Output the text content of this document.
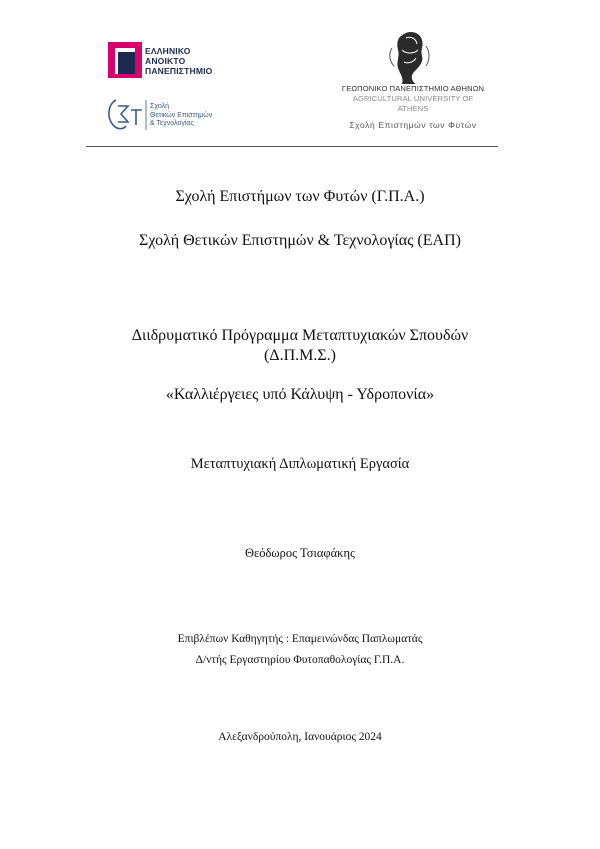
ΕΛΛΗΝΙΚΟ
ΑΝΟΙΚΤΟ
ΠΑΝΕΠΙΣΤΗΜΙΟ
Σχολή
Θετικών Επιστημών
& Τεχνολογίας
ΓΕΩΠΟΝΙΚΟ ΠΑΝΕΠΙΣΤΗΜΙΟ ΑΘΗΝΩΝ
AGRICULTURAL UNIVERSITY OF ATHENS
Σχολή Επιστημών των Φυτών
Σχολή Επιστήμων των Φυτών (Γ.Π.Α.)
Σχολή Θετικών Επιστημών & Τεχνολογίας (ΕΑΠ)
Διιδρυματικό Πρόγραμμα Μεταπτυχιακών Σπουδών
(Δ.Π.Μ.Σ.)
«Καλλιέργειες υπό Κάλυψη - Υδροπονία»
Μεταπτυχιακή Διπλωματική Εργασία
Θεόδωρος Τσιαφάκης
Επιβλέπων Καθηγητής : Επαμεινώνδας Παπλωματάς
Δ/ντής Εργαστηρίου Φυτοπαθολογίας Γ.Π.Α.
Αλεξανδρούπολη, Ιανουάριος 2024
